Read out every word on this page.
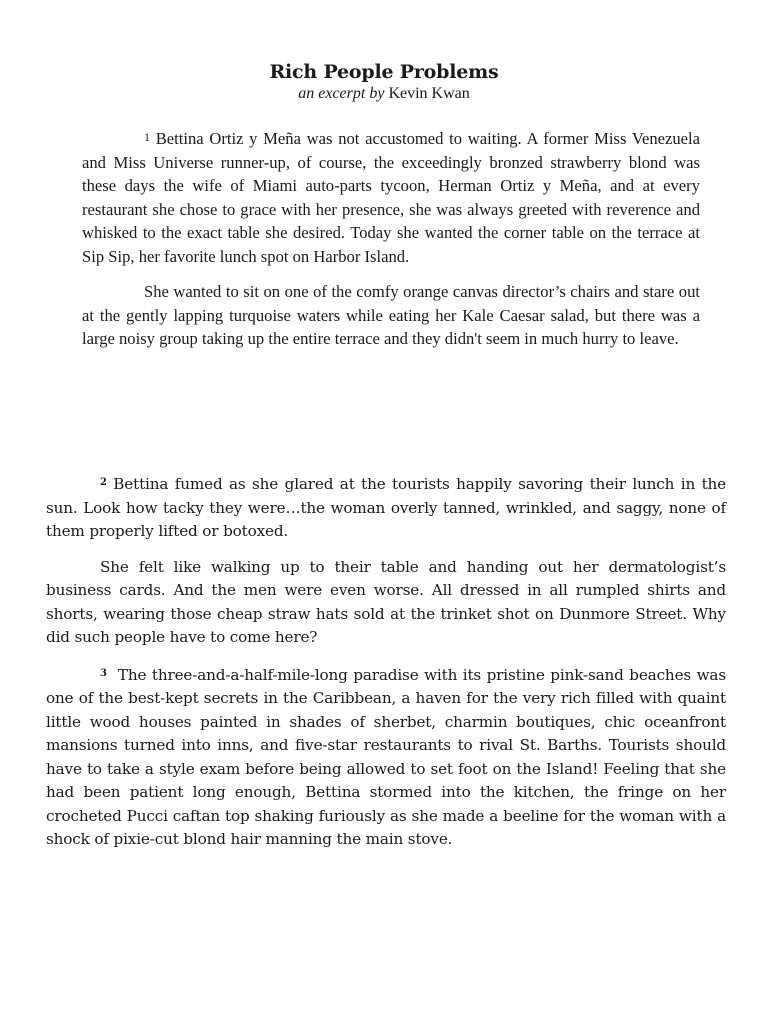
Rich People Problems

an excerpt by Kevin Kwan

1 Bettina Ortiz y Meña was not accustomed to waiting. A former Miss Venezuela and Miss Universe runner-up, of course, the exceedingly bronzed strawberry blond was these days the wife of Miami auto-parts tycoon, Herman Ortiz y Meña, and at every restaurant she chose to grace with her presence, she was always greeted with reverence and whisked to the exact table she desired. Today she wanted the corner table on the terrace at Sip Sip, her favorite lunch spot on Harbor Island.

She wanted to sit on one of the comfy orange canvas director’s chairs and stare out at the gently lapping turquoise waters while eating her Kale Caesar salad, but there was a large noisy group taking up the entire terrace and they didn't seem in much hurry to leave.

$^2$ Bettina fumed as she glared at the tourists happily savoring their lunch in the sun. Look how tacky they were…the woman overly tanned, wrinkled, and saggy, none of them properly lifted or botoxed.

She felt like walking up to their table and handing out her dermatologist’s business cards. And the men were even worse. All dressed in all rumpled shirts and shorts, wearing those cheap straw hats sold at the trinket shot on Dunmore Street. Why did such people have to come here?

$^3$ The three-and-a-half-mile-long paradise with its pristine pink-sand beaches was one of the best-kept secrets in the Caribbean, a haven for the very rich filled with quaint little wood houses painted in shades of sherbet, charmin boutiques, chic oceanfront mansions turned into inns, and five-star restaurants to rival St. Barths. Tourists should have to take a style exam before being allowed to set foot on the Island! Feeling that she had been patient long enough, Bettina stormed into the kitchen, the fringe on her crocheted Pucci caftan top shaking furiously as she made a beeline for the woman with a shock of pixie-cut blond hair manning the main stove.
